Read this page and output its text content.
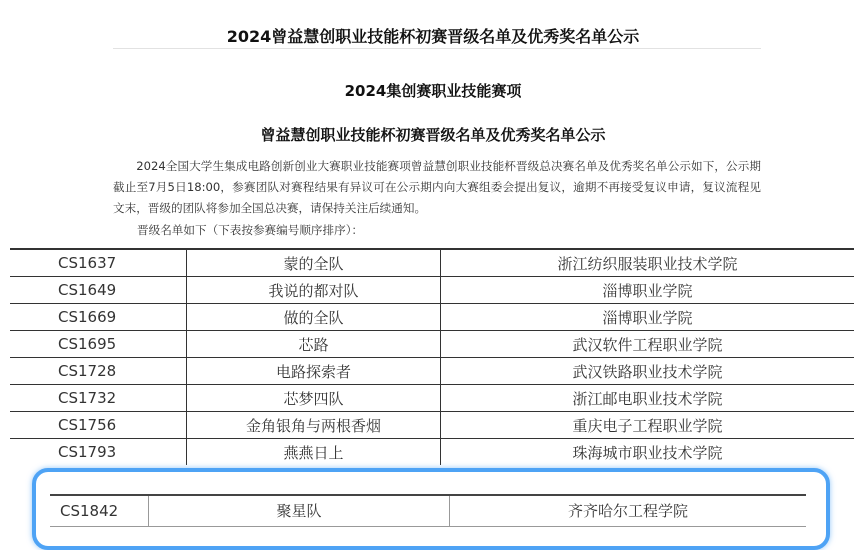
2024曾益慧创职业技能杯初赛晋级名单及优秀奖名单公示
2024集创赛职业技能赛项
曾益慧创职业技能杯初赛晋级名单及优秀奖名单公示
2024全国大学生集成电路创新创业大赛职业技能赛项曾益慧创职业技能杯晋级总决赛名单及优秀奖名单公示如下，公示期截止至7月5日18:00，参赛团队对赛程结果有异议可在公示期内向大赛组委会提出复议，逾期不再接受复议申请，复议流程见文末，晋级的团队将参加全国总决赛，请保持关注后续通知。
晋级名单如下（下表按参赛编号顺序排序）：
CS1637	蒙的全队	浙江纺织服装职业技术学院
CS1649	我说的都对队	淄博职业学院
CS1669	做的全队	淄博职业学院
CS1695	芯路	武汉软件工程职业学院
CS1728	电路探索者	武汉铁路职业技术学院
CS1732	芯梦四队	浙江邮电职业技术学院
CS1756	金角银角与两根香烟	重庆电子工程职业学院
CS1793	燕燕日上	珠海城市职业技术学院
CS1842	聚星队	齐齐哈尔工程学院
